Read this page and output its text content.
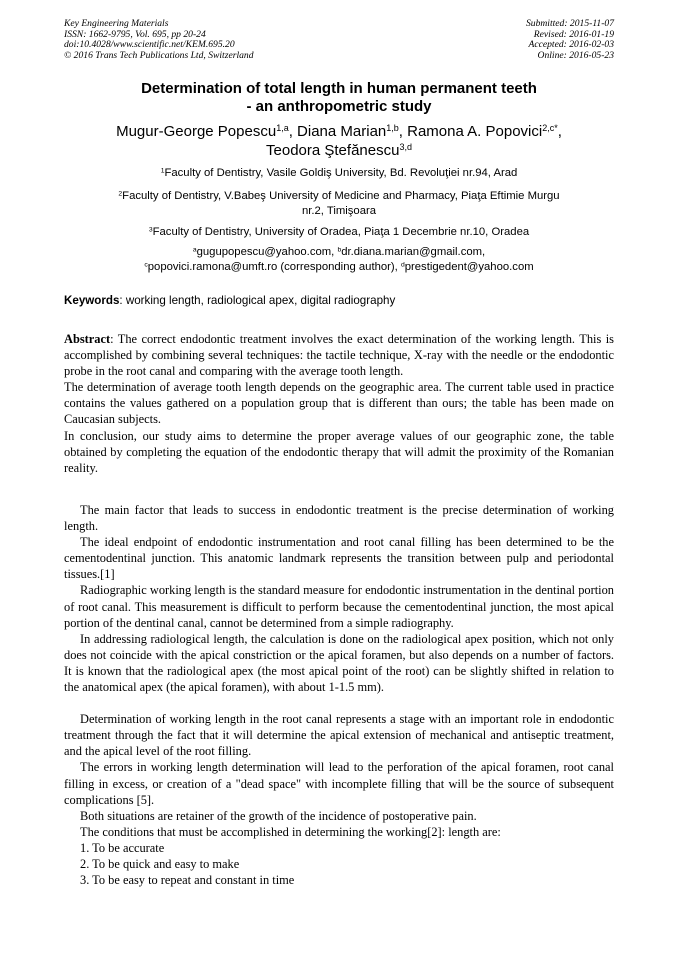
Key Engineering Materials
ISSN: 1662-9795, Vol. 695, pp 20-24
doi:10.4028/www.scientific.net/KEM.695.20
© 2016 Trans Tech Publications Ltd, Switzerland
Submitted: 2015-11-07
Revised: 2016-01-19
Accepted: 2016-02-03
Online: 2016-05-23
Determination of total length in human permanent teeth
- an anthropometric study
Mugur-George Popescu$^{1,a}$, Diana Marian$^{1,b}$, Ramona A. Popovici$^{2,c*}$,
Teodora Ştefănescu$^{3,d}$
$^1$Faculty of Dentistry, Vasile Goldiş University, Bd. Revoluţiei nr.94, Arad
$^2$Faculty of Dentistry, V.Babeş University of Medicine and Pharmacy, Piaţa Eftimie Murgu nr.2, Timişoara
$^3$Faculty of Dentistry, University of Oradea, Piaţa 1 Decembrie nr.10, Oradea
$^a$gugupopescu@yahoo.com, $^b$dr.diana.marian@gmail.com,
$^c$popovici.ramona@umft.ro (corresponding author), $^d$prestigedent@yahoo.com
Keywords: working length, radiological apex, digital radiography

Abstract: The correct endodontic treatment involves the exact determination of the working length. This is accomplished by combining several techniques: the tactile technique, X-ray with the needle or the endodontic probe in the root canal and comparing with the average tooth length.

The determination of average tooth length depends on the geographic area. The current table used in practice contains the values gathered on a population group that is different than ours; the table has been made on Caucasian subjects.

In conclusion, our study aims to determine the proper average values of our geographic zone, the table obtained by completing the equation of the endodontic therapy that will admit the proximity of the Romanian reality.

The main factor that leads to success in endodontic treatment is the precise determination of working length.

The ideal endpoint of endodontic instrumentation and root canal filling has been determined to be the cementodentinal junction. This anatomic landmark represents the transition between pulp and periodontal tissues.[1]

Radiographic working length is the standard measure for endodontic instrumentation in the dentinal portion of root canal. This measurement is difficult to perform because the cementodentinal junction, the most apical portion of the dentinal canal, cannot be determined from a simple radiography.

In addressing radiological length, the calculation is done on the radiological apex position, which not only does not coincide with the apical constriction or the apical foramen, but also depends on a number of factors. It is known that the radiological apex (the most apical point of the root) can be slightly shifted in relation to the anatomical apex (the apical foramen), with about 1-1.5 mm).

Determination of working length in the root canal represents a stage with an important role in endodontic treatment through the fact that it will determine the apical extension of mechanical and antiseptic treatment, and the apical level of the root filling.

The errors in working length determination will lead to the perforation of the apical foramen, root canal filling in excess, or creation of a "dead space" with incomplete filling that will be the source of subsequent complications [5].

Both situations are retainer of the growth of the incidence of postoperative pain.

The conditions that must be accomplished in determining the working[2]: length are:

1. To be accurate
2. To be quick and easy to make
3. To be easy to repeat and constant in time
